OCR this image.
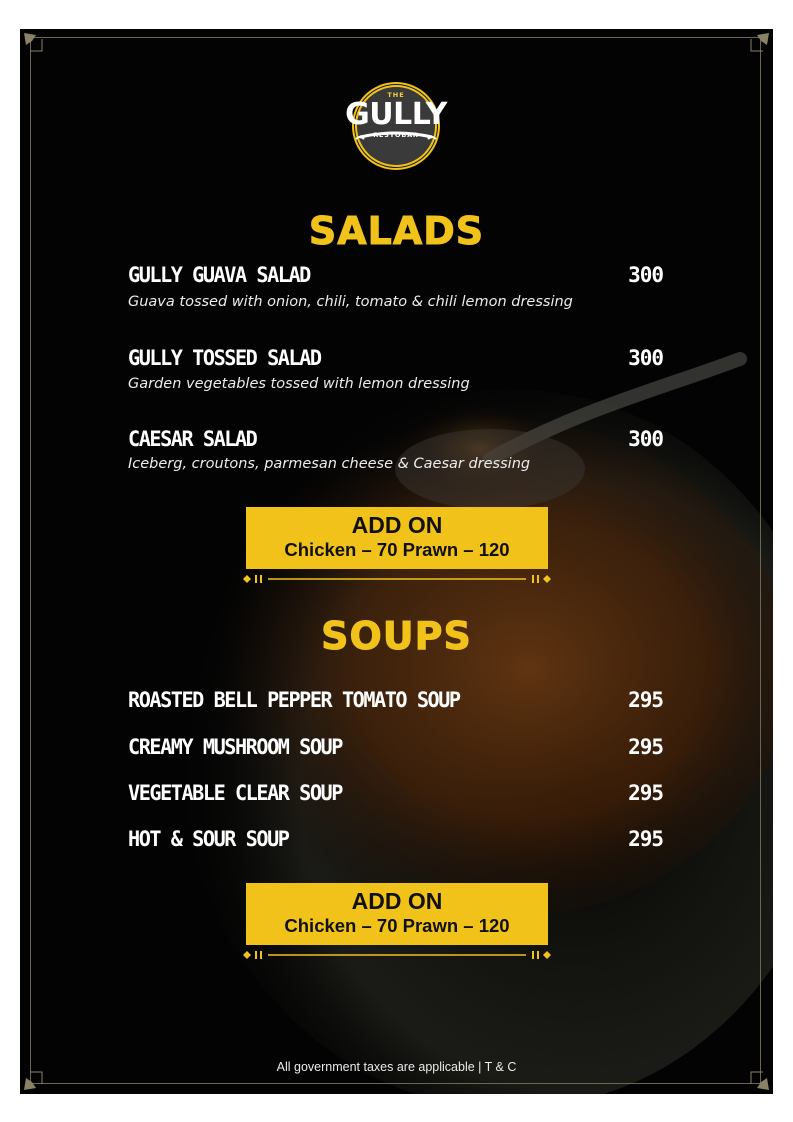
THE
GULLY
RESTOBAR
SALADS
GULLY GUAVA SALAD	300
Guava tossed with onion, chili, tomato & chili lemon dressing
GULLY TOSSED SALAD	300
Garden vegetables tossed with lemon dressing
CAESAR SALAD	300
Iceberg, croutons, parmesan cheese & Caesar dressing
ADD ON
Chicken – 70 Prawn – 120
SOUPS
ROASTED BELL PEPPER TOMATO SOUP	295
CREAMY MUSHROOM SOUP	295
VEGETABLE CLEAR SOUP	295
HOT & SOUR SOUP	295
ADD ON
Chicken – 70 Prawn – 120
All government taxes are applicable | T & C
